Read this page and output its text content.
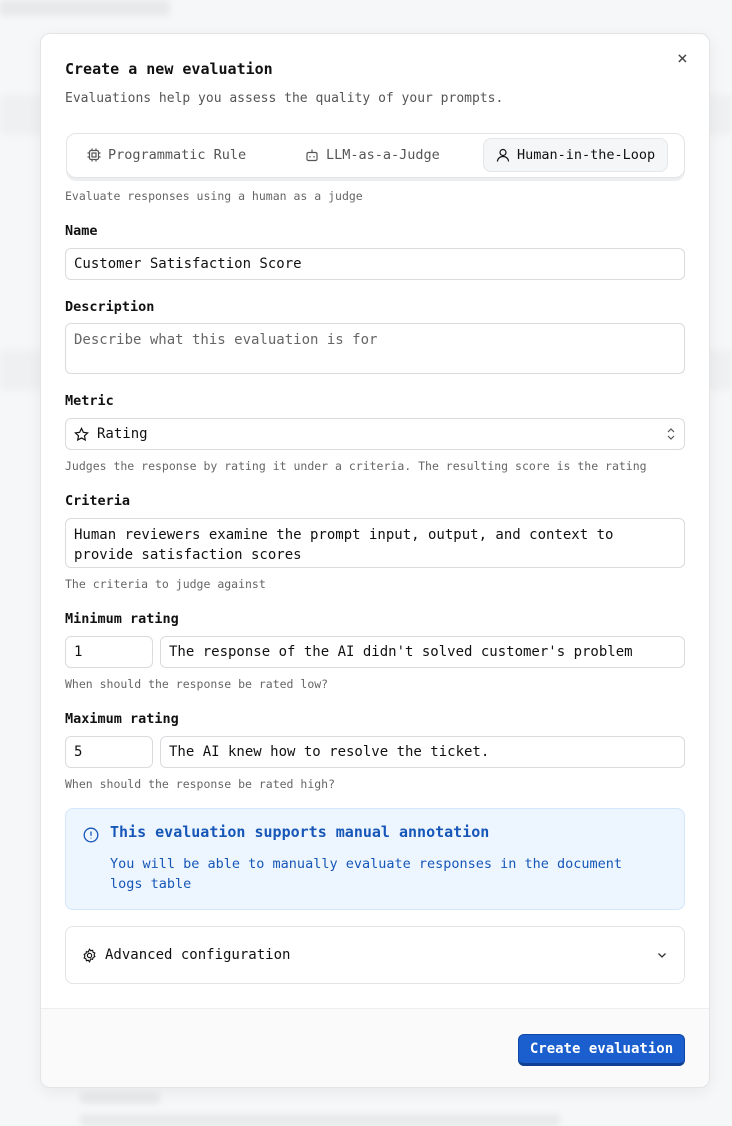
×
Create a new evaluation
Evaluations help you assess the quality of your prompts.
Programmatic Rule	LLM-as-a-Judge	Human-in-the-Loop
Evaluate responses using a human as a judge
Name
Customer Satisfaction Score
Description
Describe what this evaluation is for
Metric
Rating
Judges the response by rating it under a criteria. The resulting score is the rating
Criteria
Human reviewers examine the prompt input, output, and context to provide satisfaction scores
The criteria to judge against
Minimum rating
1	The response of the AI didn't solved customer's problem
When should the response be rated low?
Maximum rating
5	The AI knew how to resolve the ticket.
When should the response be rated high?
This evaluation supports manual annotation
You will be able to manually evaluate responses in the document logs table
Advanced configuration
Create evaluation
